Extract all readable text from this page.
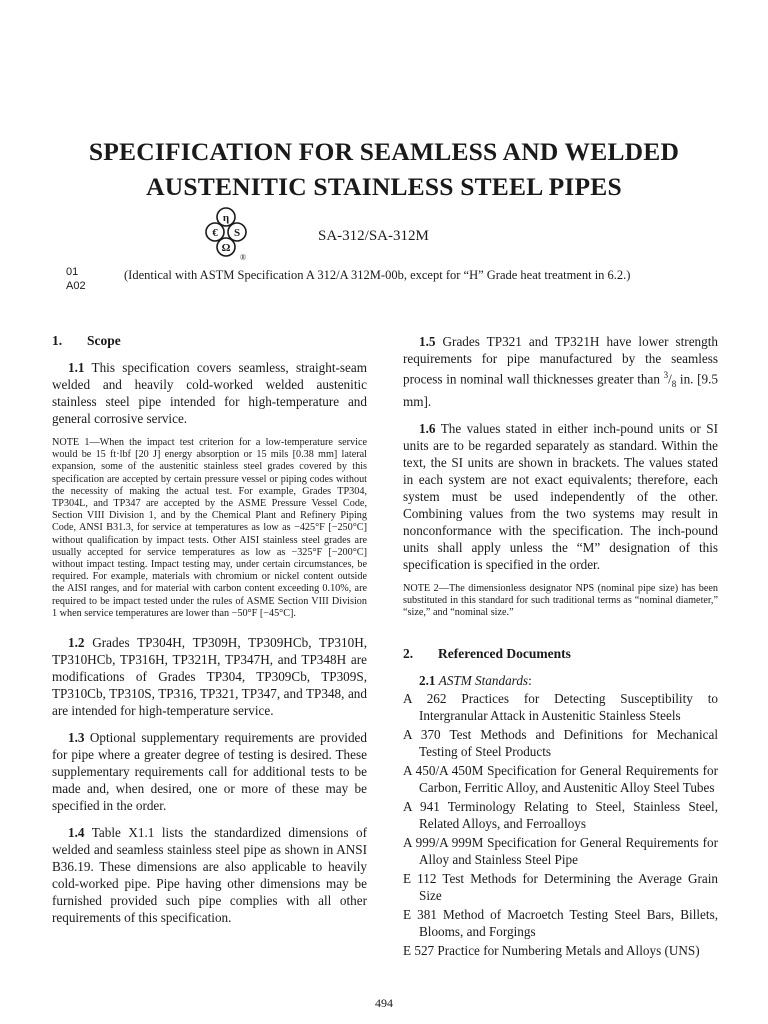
SPECIFICATION FOR SEAMLESS AND WELDED
AUSTENITIC STAINLESS STEEL PIPES
η
€ S
Ω
®
SA-312/SA-312M
01
A02
(Identical with ASTM Specification A 312/A 312M-00b, except for “H” Grade heat treatment in 6.2.)
1. Scope

1.1 This specification covers seamless, straight-seam welded and heavily cold-worked welded austenitic stainless steel pipe intended for high-temperature and general corrosive service.

NOTE 1—When the impact test criterion for a low-temperature service would be 15 ft·lbf [20 J] energy absorption or 15 mils [0.38 mm] lateral expansion, some of the austenitic stainless steel grades covered by this specification are accepted by certain pressure vessel or piping codes without the necessity of making the actual test. For example, Grades TP304, TP304L, and TP347 are accepted by the ASME Pressure Vessel Code, Section VIII Division 1, and by the Chemical Plant and Refinery Piping Code, ANSI B31.3, for service at temperatures as low as −425°F [−250°C] without qualification by impact tests. Other AISI stainless steel grades are usually accepted for service temperatures as low as −325°F [−200°C] without impact testing. Impact testing may, under certain circumstances, be required. For example, materials with chromium or nickel content outside the AISI ranges, and for material with carbon content exceeding 0.10%, are required to be impact tested under the rules of ASME Section VIII Division 1 when service temperatures are lower than −50°F [−45°C].

1.2 Grades TP304H, TP309H, TP309HCb, TP310H, TP310HCb, TP316H, TP321H, TP347H, and TP348H are modifications of Grades TP304, TP309Cb, TP309S, TP310Cb, TP310S, TP316, TP321, TP347, and TP348, and are intended for high-temperature service.

1.3 Optional supplementary requirements are provided for pipe where a greater degree of testing is desired. These supplementary requirements call for additional tests to be made and, when desired, one or more of these may be specified in the order.

1.4 Table X1.1 lists the standardized dimensions of welded and seamless stainless steel pipe as shown in ANSI B36.19. These dimensions are also applicable to heavily cold-worked pipe. Pipe having other dimensions may be furnished provided such pipe complies with all other requirements of this specification.

1.5 Grades TP321 and TP321H have lower strength requirements for pipe manufactured by the seamless process in nominal wall thicknesses greater than $^3/_8$ in. [9.5 mm].

1.6 The values stated in either inch-pound units or SI units are to be regarded separately as standard. Within the text, the SI units are shown in brackets. The values stated in each system are not exact equivalents; therefore, each system must be used independently of the other. Combining values from the two systems may result in nonconformance with the specification. The inch-pound units shall apply unless the “M” designation of this specification is specified in the order.

NOTE 2—The dimensionless designator NPS (nominal pipe size) has been substituted in this standard for such traditional terms as “nominal diameter,” “size,” and “nominal size.”

2. Referenced Documents

2.1 ASTM Standards:

A 262 Practices for Detecting Susceptibility to Intergranular Attack in Austenitic Stainless Steels

A 370 Test Methods and Definitions for Mechanical Testing of Steel Products

A 450/A 450M Specification for General Requirements for Carbon, Ferritic Alloy, and Austenitic Alloy Steel Tubes

A 941 Terminology Relating to Steel, Stainless Steel, Related Alloys, and Ferroalloys

A 999/A 999M Specification for General Requirements for Alloy and Stainless Steel Pipe

E 112 Test Methods for Determining the Average Grain Size

E 381 Method of Macroetch Testing Steel Bars, Billets, Blooms, and Forgings

E 527 Practice for Numbering Metals and Alloys (UNS)

494
